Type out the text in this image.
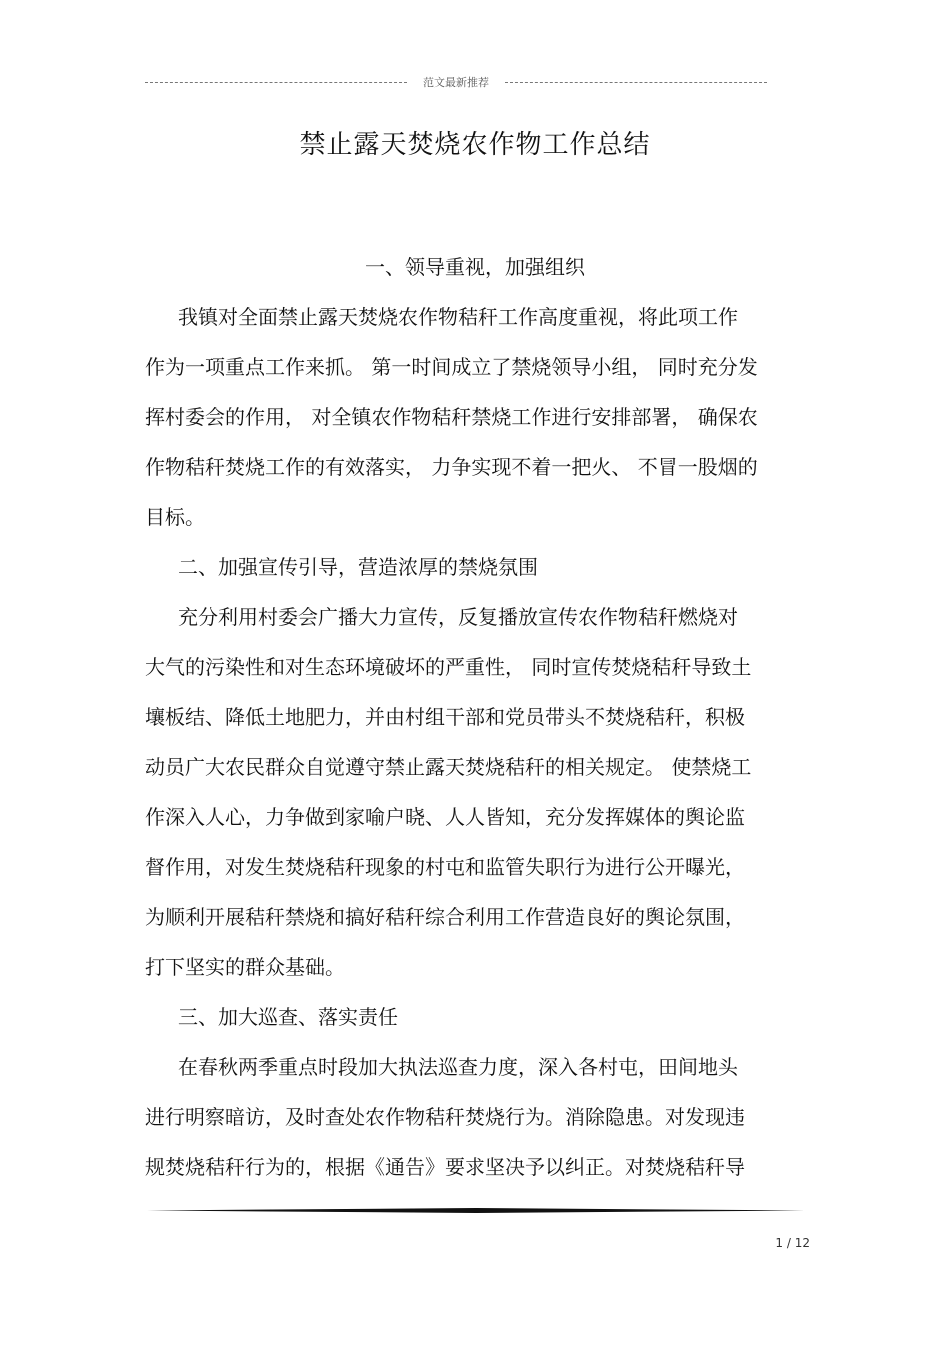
范文最新推荐
禁止露天焚烧农作物工作总结
一、领导重视，加强组织
我镇对全面禁止露天焚烧农作物秸秆工作高度重视，将此项工作
作为一项重点工作来抓。 第一时间成立了禁烧领导小组， 同时充分发
挥村委会的作用， 对全镇农作物秸秆禁烧工作进行安排部署， 确保农
作物秸秆焚烧工作的有效落实， 力争实现不着一把火、 不冒一股烟的
目标。
二、加强宣传引导，营造浓厚的禁烧氛围
充分利用村委会广播大力宣传，反复播放宣传农作物秸秆燃烧对
大气的污染性和对生态环境破坏的严重性， 同时宣传焚烧秸秆导致土
壤板结、降低土地肥力，并由村组干部和党员带头不焚烧秸秆，积极
动员广大农民群众自觉遵守禁止露天焚烧秸秆的相关规定。 使禁烧工
作深入人心，力争做到家喻户晓、人人皆知，充分发挥媒体的舆论监
督作用，对发生焚烧秸秆现象的村屯和监管失职行为进行公开曝光，
为顺利开展秸秆禁烧和搞好秸秆综合利用工作营造良好的舆论氛围，
打下坚实的群众基础。
三、加大巡查、落实责任
在春秋两季重点时段加大执法巡查力度，深入各村屯，田间地头
进行明察暗访，及时查处农作物秸秆焚烧行为。消除隐患。对发现违
规焚烧秸秆行为的，根据《通告》要求坚决予以纠正。对焚烧秸秆导
1 / 12
